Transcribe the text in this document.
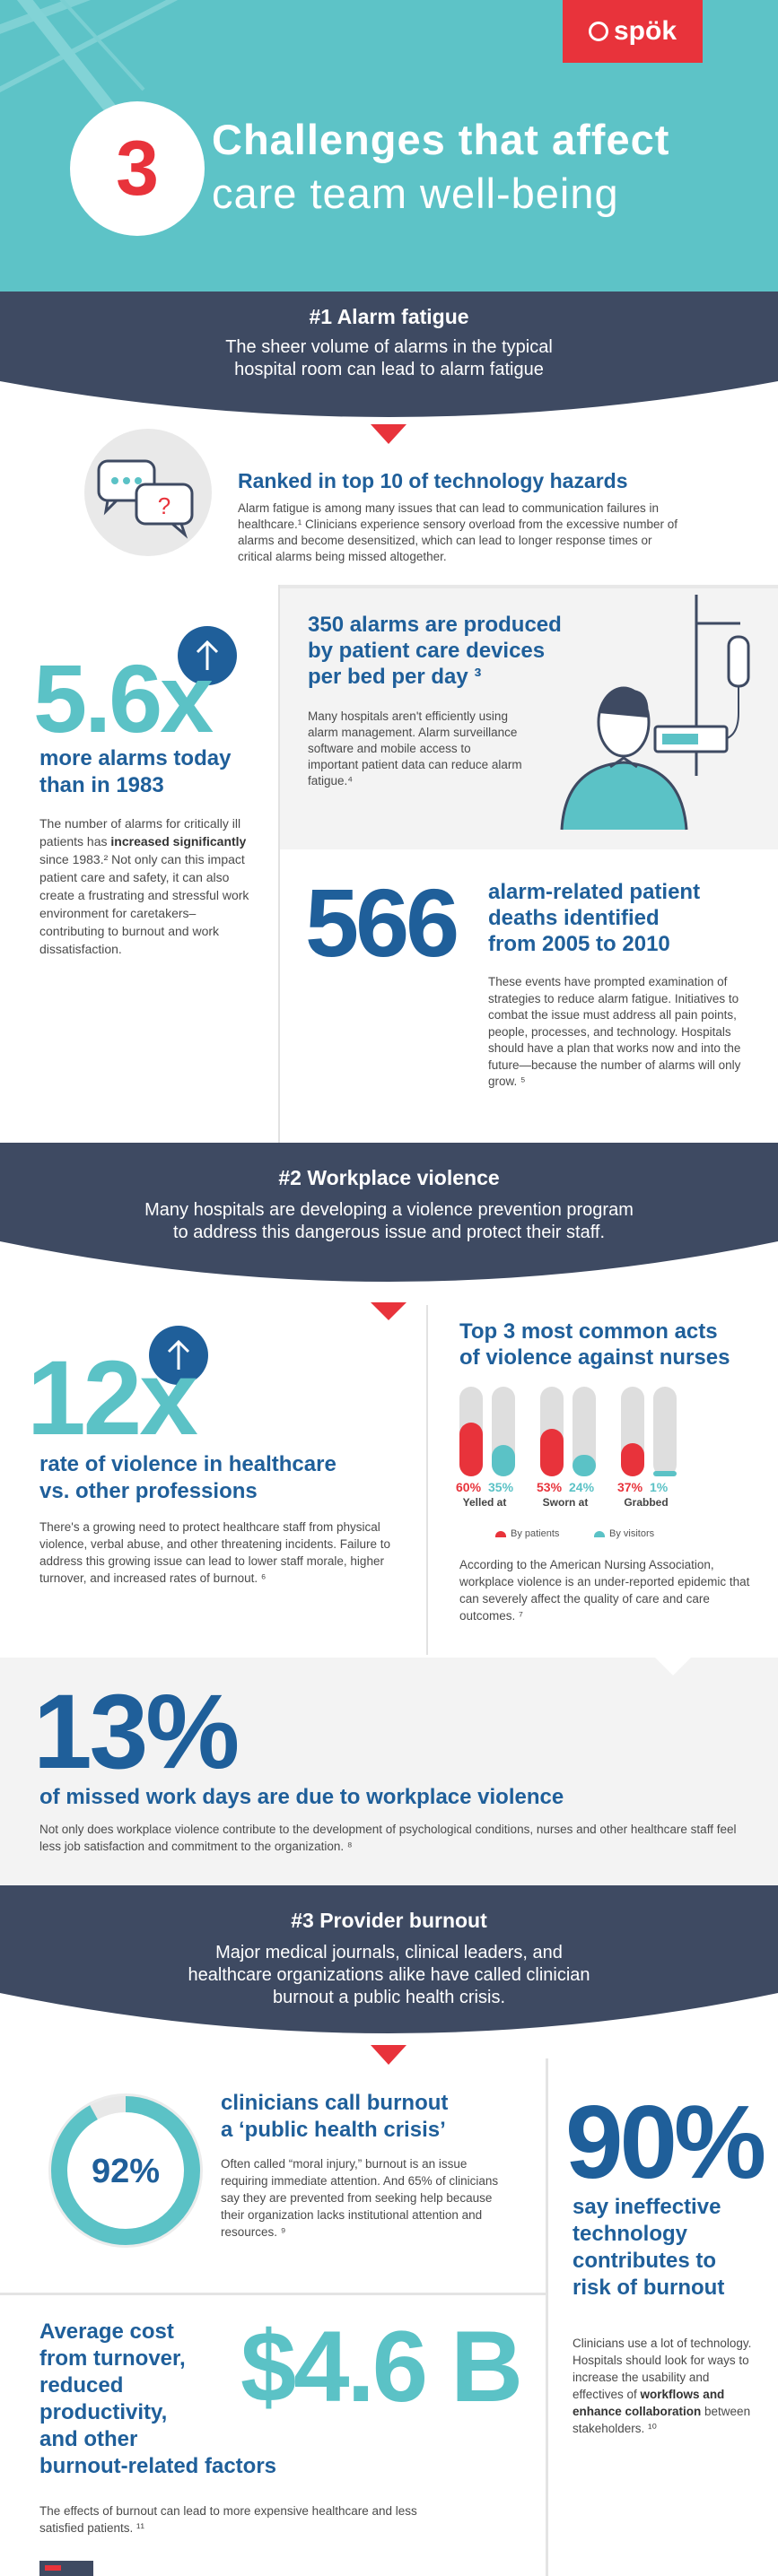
spök
3 Challenges that affect
care team well-being
#1 Alarm fatigue

The sheer volume of alarms in the typical

hospital room can lead to alarm fatigue

?
Ranked in top 10 of technology hazards
Alarm fatigue is among many issues that can lead to communication failures in healthcare.¹ Clinicians experience sensory overload from the excessive number of alarms and become desensitized, which can lead to longer response times or critical alarms being missed altogether.
5.6x
more alarms today
than in 1983
The number of alarms for critically ill patients has increased significantly since 1983.² Not only can this impact patient care and safety, it can also create a frustrating and stressful work environment for caretakers–contributing to burnout and work dissatisfaction.
350 alarms are produced
by patient care devices
per bed per day ³
Many hospitals aren't efficiently using alarm management. Alarm surveillance software and mobile access to important patient data can reduce alarm fatigue.⁴
566 alarm-related patient
deaths identified
from 2005 to 2010
These events have prompted examination of strategies to reduce alarm fatigue. Initiatives to combat the issue must address all pain points, people, processes, and technology. Hospitals should have a plan that works now and into the future—because the number of alarms will only grow. ⁵
#2 Workplace violence

Many hospitals are developing a violence prevention program

to address this dangerous issue and protect their staff.

12x
rate of violence in healthcare
vs. other professions
There's a growing need to protect healthcare staff from physical violence, verbal abuse, and other threatening incidents. Failure to address this growing issue can lead to lower staff morale, higher turnover, and increased rates of burnout. ⁶
Top 3 most common acts
of violence against nurses
60% 35%
Yelled at
53% 24%
Sworn at
37% 1%
Grabbed
By patients	By visitors
According to the American Nursing Association, workplace violence is an under-reported epidemic that can severely affect the quality of care and care outcomes. ⁷
13%
of missed work days are due to workplace violence
Not only does workplace violence contribute to the development of psychological conditions, nurses and other healthcare staff feel less job satisfaction and commitment to the organization. ⁸
#3 Provider burnout

Major medical journals, clinical leaders, and

healthcare organizations alike have called clinician

burnout a public health crisis.

92%
clinicians call burnout
a ‘public health crisis’
Often called “moral injury,” burnout is an issue requiring immediate attention. And 65% of clinicians say they are prevented from seeking help because their organization lacks institutional attention and resources. ⁹
90%
say ineffective
technology
contributes to
risk of burnout
Clinicians use a lot of technology. Hospitals should look for ways to increase the usability and effectives of workflows and enhance collaboration between stakeholders. ¹⁰
Average cost
from turnover,
reduced
productivity,
and other
burnout-related factors
$4.6 B
The effects of burnout can lead to more expensive healthcare and less satisfied patients. ¹¹
